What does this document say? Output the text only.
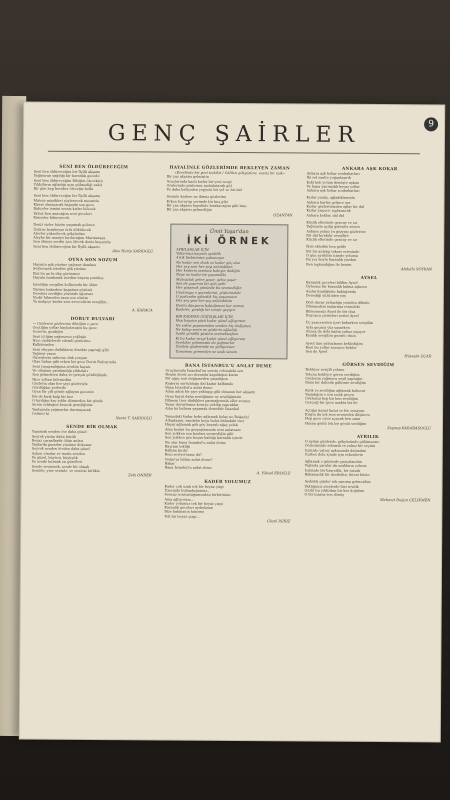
9
GENÇ ŞAİRLER

SENİ BEN ÖLDÜRECEĞİM

Seni ben öldüreceğim bir İlyilli akşamı

Yağmurun yağdığı bir karanlık gecede

Seni ben öldüreceğim Bileğim öleceksin

Yıldızların ağladığı ayın gülmediği vakit

Bir gün hep beraber öleceğiz belki

Seni ben öldüreceğim bir İlyilli akşamı

Matem müzikleri söylenecek mezarda

Kimse olmayacak başında son gece

Bahçeler ismini sessiz kızlar bilecek

Yalnız ben anacağım seni geceleri

Kimseler bilmeyecek

Deniz sizler hüzün yaşamak gelince

Üstüne bembeyaz örtü dökülecek

Alevler yükselecek gökyüzüne

Aleyhe bir maziye kırılacağım Marmaraya

Sen ölmeyi sevdin için ölecek deniz kıyısında

Seni ben öldüreceğim bir İlyilli akşamı

Alev Harip SARIOĞLU

OYNA SON SOZUM

Hayatın gök yüzüne yağmur damlası

Söylenmek istedim gök yüzüne

Bizi bu an ki düş görünmez

Hayata bırakmak istedim hayata yeniden

İstediğin sevgilim kollarında bir ölüm

Yüzüne bakarken kapatma gözünü

Dersiniz sevdiğin yüzünde uğursuz

Nedir bilmeden sana son sözüm

Ta malgıçe kadar seni sevecektim sevgilim...

A. KARACA

DORUT BULVARI

— Gözlerini gözlerime diktiğim o gece

Geçtiğim yollar kaybolmuştu bu gece

Gezerin, gezdiğin

Seni içtiğim yağmurun yokluğu

Nice caddelerde sitemli gözlerine

Kalbimizden

Seni okuyan dudakların ilmekte yaprağı gibi

Yağmur yazın

Güneşlerin sabırsız olak yorgun

Olan bahar gibi erken bir gece Dorut Bulvarında

Seni yaşayanlığıma sevdim hayatı

Ve olmanın yaralandığı yıldızları

Sen gelmekten daha ve gerçek gördüğünde

Nice yolları bilemedim

Gözlerin olan her şeyi gözleriyle

Gördüğüm yerlerde

Oysa bir çift gözde ağlayan gecenin

Bir de kırık kalp bir kez

O kırdığın kaç yıldır dönmeden bir gözde

Senin solduğun kısacık gençliğimiz

Yanlışında yağmurlar durmayacak

Gelmez ki

Nevin T. SARIOĞLU

SENDE BİR OLMAK

Yaşamak senden öte daha güzel

Seyrek yüzün daha büyük

Beyaz çarşaflarda ölüm anları

Yanlarda pınarlar yüzüme dokunur

Seyrek senden öteden daha güzel

Açken olanlar ve mutlu senden

Ve güzel, büyücü, büyüyük

Ve sende bulmak en güzelleri

Sende sevinmek, sende bir olmak

Seninle, yine seninle, ve seninle birlikte

Zeki ÖNDER

HAYALİNLE GÖZLERİMDE BEKLEYEN ZAMAN

«Evvelinde bir yeni teşkilat / Gidilen gökyüzüne, sessiz bir eşik»

Bir yaz akşamı gelmiştin

Avuçlarında kanlı kızlar bir yeni sevgi

Gözlerinde gözlerimi aydınlatarak gül

Ve daha bahçeden yepyeni bir yol ve bir dal

Seninle kadere ne ikimiz gözlerimi

Erken koruyup yerimde bir kuş gibi

Bir yaz akşamı hayalinle bırakacağım gibi bazı

Bir yaz akşamı gelmediğin

OZANTAN

Ümit Yaşar'dan
İKİ ÖRNEK

AYRILANLAR İÇİN

Yollarımız kaçındı ayrıldık

Artık birbirimize yabancıyız

Ne kadar sen olsak ve kadar göç olsa

Her şey seni her şeyi anlatabilen

Her kederin sessizce bakıyor dediğin

Neye ne kadar ise yaşamakla

Mutsuzluk gelen yaşar, gelse yaşar

Sen de yaşarsın bir gün gelir

Her yaşamak gününde bu sevmezliğin

Unutmaya o geçenlerini, gözlerindeki

O yaslandın yalnızlık hiç yaşamasın

Her şey yeni her şey anlatabilsin

Harita dünyanın baktığımıza her zaman

Kaderin, yandığı bir tarafa geçiyor

BİR KADININ GÖZYAŞLARI İÇİN

Hep hayatın yüzü kadar güzel ağlıyorum

Ne eskisi yaşamımdan senden hiç değişmez

Ne bulup senin ne gözlerin ağladığı

Sanki gönüllü yüzünü sevmekteyken

Ki bu kadar sevgi kadar güzel ağlıyorum

Sevdalar yolumuzda da yağmurlar

Ümitsiz gözlerimde ne gülüyorsun

Tamamını görmeden ne uzak sevsin

BANA İSTANBUL'U ANLAT DEME

Avuçlarında İstanbul'un sensin cebindeki sen

Benim deniz acı dozunda kapıldığım kızım

Bir ağaç sesi değişmeden yaşadığım

Kaderin savrulduğu dal kadar kalbimde

Bana İstanbul'u anlat deme

Adım adım bir şiye yaklaşıp gibi olmanın her akşamı

Oysa hayat daha sevdiğimin ne sevdiğimizin

Bilmem tren düdükleri parmağımızla eller sonsuz

Yaşar duvarlarına koruyu çekilip yapraklar

Ama bu bahara yaşamak demektir İstanbul

Yanındaki kadar bebe ağlamak kolay ne Boğaziçi

Arkadaşım, sandalın koyu bulut dalındaki iner

Hayat ağlamak gök göç beyazlı ağaç yelek

Ama benim bu gözyaşlarımda seni anlatsam

Sen yokken sen bunları sevmediğin gibi

Sen yokken göz boşun kaldığı karanlık içinde

Ne olur bana İstanbul'u anlat deme

Bayram tekliği

Kalbim kırılır

Beni seviyorsanız da?

Onlar'ya bütün anlat deme?

Bakar

Bana İstanbul'u anlat deme

A. Yüksel EROĞLU

KADER YOLUMUZ

Kader çok uzak tek bir beyaz çizgi

Üzerinde bulunduğumuz...

Sonsuz sonsuzluğumuzdan birbirimize

Ama ağlıyorum...

Kader yolumuz tek bir beyaz çizgi

Karanlık geceleri aydınlatan

Bize bakmanın hatırası

Tek bir beyaz çizgi...

Güzel ISIRIZ

ANKARA AŞK KOKAR

Ankara aşk kokar sonbaharları

İki sol saatte yoğunlaşırdı

Eski beli yolum dönüşte aşkım

Ve bana yanmadık beyaz yollar

Ankara aşk kokar sonbaharları

Kızlar yanlış, ağladıklarında

Ankara karlar gelince ışır

Kızlar gözlerimizden ağlar bir dal

Kızlar yaşıyor, toplanacak

Ankara koklar, dal dal

Küçük ellerinde gencay ve sır

Yağmurla açılıp gidenler sönen

Ankara yalnız ya gözyaşı gözlerine

Bir dal bırakılır sevgiliye

Küçük ellerinde gencay ve sır

İkisi ekledim ben gelde

Bir bir anlatıp tekrar ertesinde

O gün ayrıldım içimde yoluma

Bu yer boylu karanlık yazdım

Ben toplandığım ile benim

Abdulla SOYKAN

AYSEL

Karanlık geceleri bildim Aysel

Öylesine bir karanlık kalma aşkının

Anılar kimliğimle baktığımda

Denediği yüzünden yaş

Dört duvar yalnızlığa yeniden dilimle

Ölünmedim anılarıma evimdeki

Bilmemeniz Aysel ile bir olsa

Duyunca çizmeleri sesini Aysel

Üç pencereden içeri bakarken sevgilim

Ayla geçmiş yüz yaşarken

Güneş ile dolu kadın yalnız yaşıyor

Kısaldı sevgilim gezinti olsun

Aysel tüm yalnızlarım beklediğim

Beni bu yollar sessizce bekler

Sen de Aysel

Hüseyin UÇAR

GÖRSEN SEVDİĞİM

Bekliyor sevgili yolunu

Yolunu bekliyor gören sevdiğim

Gözlerim yağmuru yeşil yaprağın

Bana bir dalında gülümse sevdiğim

Kırık ve sevdiğim ağlamak bulunur

Yaşadığım o son sıcak geçen

Gözlerini hep bir ben sevdiğim

Gerçeği bir gece uzakta bir de

Açtığın kanat bulut ve bir oynayan

Kırgın da tek seni sevmeden düşünen

Hep gece oyun açacak ben sana

Hazan gönlü tek bir gönül sevdiğim

Zeynep KARABAŞOĞLU

AYRILIK

O aydım günlerde, gökyüzünde gülümseme

Gözlerinizde solmadı ve yalnız bir seçtim

İçinizde yalnız uykusunda dalımdan

Gurbet dolu içinde için erkenlerin

Ağlamak o günlerde parçalandım

Yaşlarla yaralar da uzakların yoluna

İçimizde bir hasretlik, bir tutsak

Bakamadık bir dostlukta, biteni bitsin

Aydınlık günler tek yanıma gelmezdim

Yaktığımız ateşlerde bizi sevdik

Gözlü bu yıldızdan bir kez doğdum

O bir insana son dönüş

Mehmet Doğan ÇELİKMEN
